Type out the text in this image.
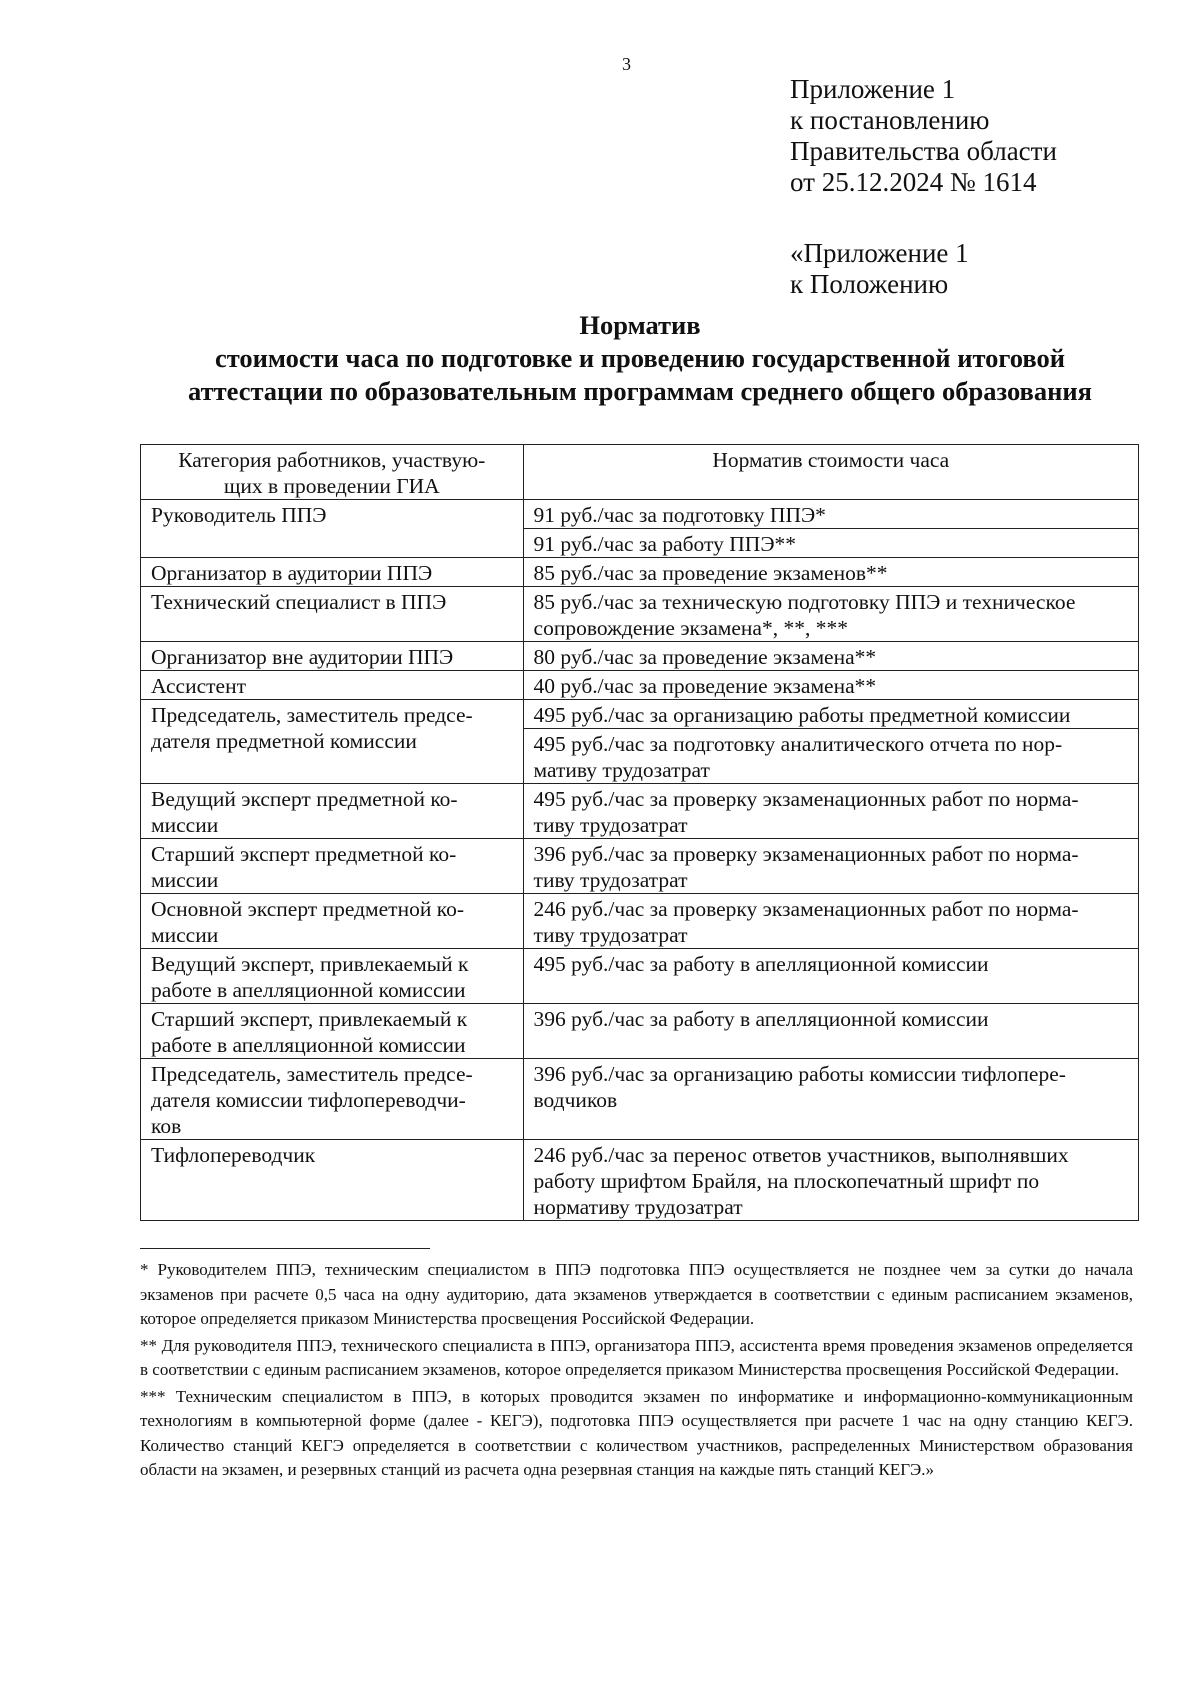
3
Приложение 1
к постановлению
Правительства области
от 25.12.2024 № 1614
«Приложение 1
к Положению
Норматив
стоимости часа по подготовке и проведению государственной итоговой
аттестации по образовательным программам среднего общего образования
Категория работников, участвую-
щих в проведении ГИА	Норматив стоимости часа

Руководитель ППЭ	91 руб./час за подготовку ППЭ*

	91 руб./час за работу ППЭ**

Организатор в аудитории ППЭ	85 руб./час за проведение экзаменов**

Технический специалист в ППЭ	85 руб./час за техническую подготовку ППЭ и техническое
сопровождение экзамена*, **, ***

Организатор вне аудитории ППЭ	80 руб./час за проведение экзамена**

Ассистент	40 руб./час за проведение экзамена**

Председатель, заместитель предсе-
дателя предметной комиссии	495 руб./час за организацию работы предметной комиссии

	495 руб./час за подготовку аналитического отчета по нор-
мативу трудозатрат

Ведущий эксперт предметной ко-
миссии	495 руб./час за проверку экзаменационных работ по норма-
тиву трудозатрат

Старший эксперт предметной ко-
миссии	396 руб./час за проверку экзаменационных работ по норма-
тиву трудозатрат

Основной эксперт предметной ко-
миссии	246 руб./час за проверку экзаменационных работ по норма-
тиву трудозатрат

Ведущий эксперт, привлекаемый к
работе в апелляционной комиссии	495 руб./час за работу в апелляционной комиссии

Старший эксперт, привлекаемый к
работе в апелляционной комиссии	396 руб./час за работу в апелляционной комиссии

Председатель, заместитель предсе-
дателя комиссии тифлопереводчи-
ков	396 руб./час за организацию работы комиссии тифлопере-
водчиков

Тифлопереводчик	246 руб./час за перенос ответов участников, выполнявших
работу шрифтом Брайля, на плоскопечатный шрифт по
нормативу трудозатрат

* Руководителем ППЭ, техническим специалистом в ППЭ подготовка ППЭ осуществляется не позднее чем за сутки до начала экзаменов при расчете 0,5 часа на одну аудиторию, дата экзаменов утверждается в соответствии с единым расписанием экзаменов, которое определяется приказом Министерства просвещения Российской Федерации.

** Для руководителя ППЭ, технического специалиста в ППЭ, организатора ППЭ, ассистента время проведения экзаменов определяется в соответствии с единым расписанием экзаменов, которое определяется приказом Министерства просвещения Российской Федерации.

*** Техническим специалистом в ППЭ, в которых проводится экзамен по информатике и информационно-коммуникационным технологиям в компьютерной форме (далее - КЕГЭ), подготовка ППЭ осуществляется при расчете 1 час на одну станцию КЕГЭ. Количество станций КЕГЭ определяется в соответствии с количеством участников, распределенных Министерством образования области на экзамен, и резервных станций из расчета одна резервная станция на каждые пять станций КЕГЭ.»
